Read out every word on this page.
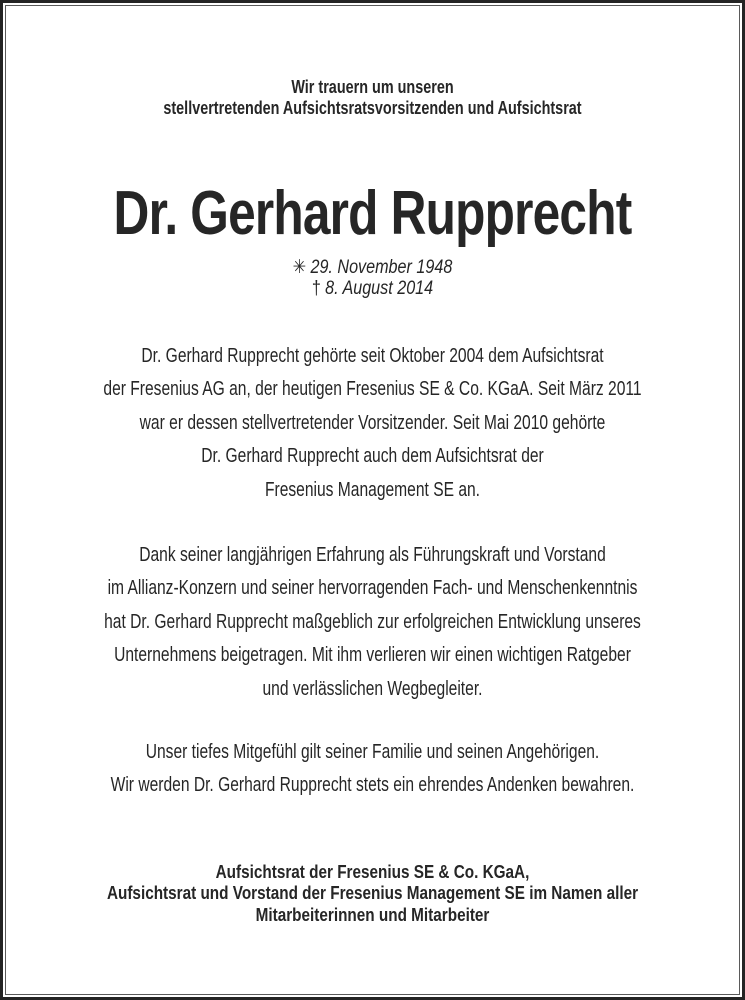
Wir trauern um unseren
stellvertretenden Aufsichtsratsvorsitzenden und Aufsichtsrat
Dr. Gerhard Rupprecht
✳ 29. November 1948
† 8. August 2014
Dr. Gerhard Rupprecht gehörte seit Oktober 2004 dem Aufsichtsrat
der Fresenius AG an, der heutigen Fresenius SE & Co. KGaA. Seit März 2011
war er dessen stellvertretender Vorsitzender. Seit Mai 2010 gehörte
Dr. Gerhard Rupprecht auch dem Aufsichtsrat der
Fresenius Management SE an.
Dank seiner langjährigen Erfahrung als Führungskraft und Vorstand
im Allianz-Konzern und seiner hervorragenden Fach- und Menschenkenntnis
hat Dr. Gerhard Rupprecht maßgeblich zur erfolgreichen Entwicklung unseres
Unternehmens beigetragen. Mit ihm verlieren wir einen wichtigen Ratgeber
und verlässlichen Wegbegleiter.
Unser tiefes Mitgefühl gilt seiner Familie und seinen Angehörigen.
Wir werden Dr. Gerhard Rupprecht stets ein ehrendes Andenken bewahren.
Aufsichtsrat der Fresenius SE & Co. KGaA,
Aufsichtsrat und Vorstand der Fresenius Management SE im Namen aller
Mitarbeiterinnen und Mitarbeiter
